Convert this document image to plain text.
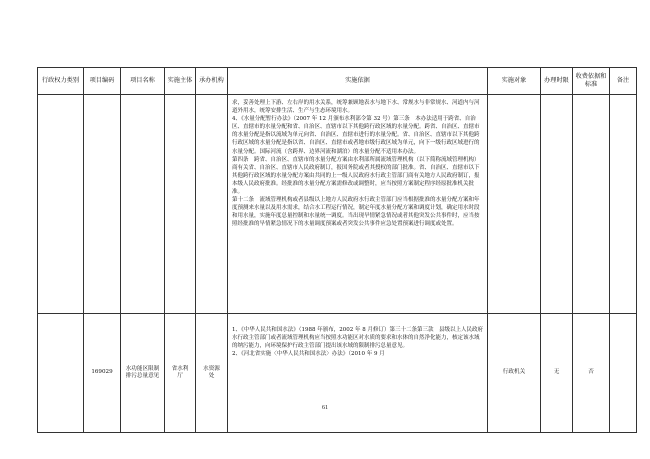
行政权力类别	项目编码	项目名称	实施主体	承办机构	实施依据	实施对象	办理时限	收费依据和标准	备注

					求，妥善处理上下游、左右岸的用水关系，统筹兼顾地表水与地下水、常规水与非常规水、河道内与河道外用水，统筹安排生活、生产与生态环境用水。

4、《水量分配暂行办法》（2007 年 12 月颁布水利部令第 32 号）第三条　本办法适用于跨省、自治区、直辖市的水量分配和省、自治区、直辖市以下其他跨行政区域的水量分配。跨省、自治区、直辖市的水量分配是指以流域为单元向省、自治区、直辖市进行的水量分配。省、自治区、直辖市以下其他跨行政区域的水量分配是指以省、自治区、直辖市或者地市级行政区域为单元，向下一级行政区域进行的水量分配。国际河流（含跨界、边界河流和湖泊）的水量分配不适用本办法。

第四条　跨省、自治区、直辖市的水量分配方案由水利部所属流域管理机构（以下简称流域管理机构）商有关省、自治区、直辖市人民政府制订，报国务院或者其授权的部门批准。省、自治区、直辖市以下其他跨行政区域的水量分配方案由共同的上一级人民政府水行政主管部门商有关地方人民政府制订，报本级人民政府批准。经批准的水量分配方案需修改或调整时，应当按照方案制定程序经原批准机关批准。

第十二条　流域管理机构或者县级以上地方人民政府水行政主管部门应当根据批准的水量分配方案和年度预测来水量以及用水需求，结合水工程运行情况，制定年度水量分配方案和调度计划，确定用水时段和用水量，实施年度总量控制和水量统一调度。当出现旱情紧急情况或者其他突发公共事件时，应当按照经批准的旱情紧急情况下的水量调度预案或者突发公共事件应急处置预案进行调度或处置。				

	169029	水功能区限制排污总量意见	省水利厅	水资源处	1、《中华人民共和国水法》（1988 年颁布，2002 年 8 月修订）第三十二条第三款　县级以上人民政府水行政主管部门或者流域管理机构应当按照水功能区对水质的要求和水体的自然净化能力，核定该水域的纳污能力，向环境保护行政主管部门提出该水域的限制排污总量意见。

2、《河北省实施〈中华人民共和国水法〉办法》（2010 年 9 月	行政机关	无	否	
61
